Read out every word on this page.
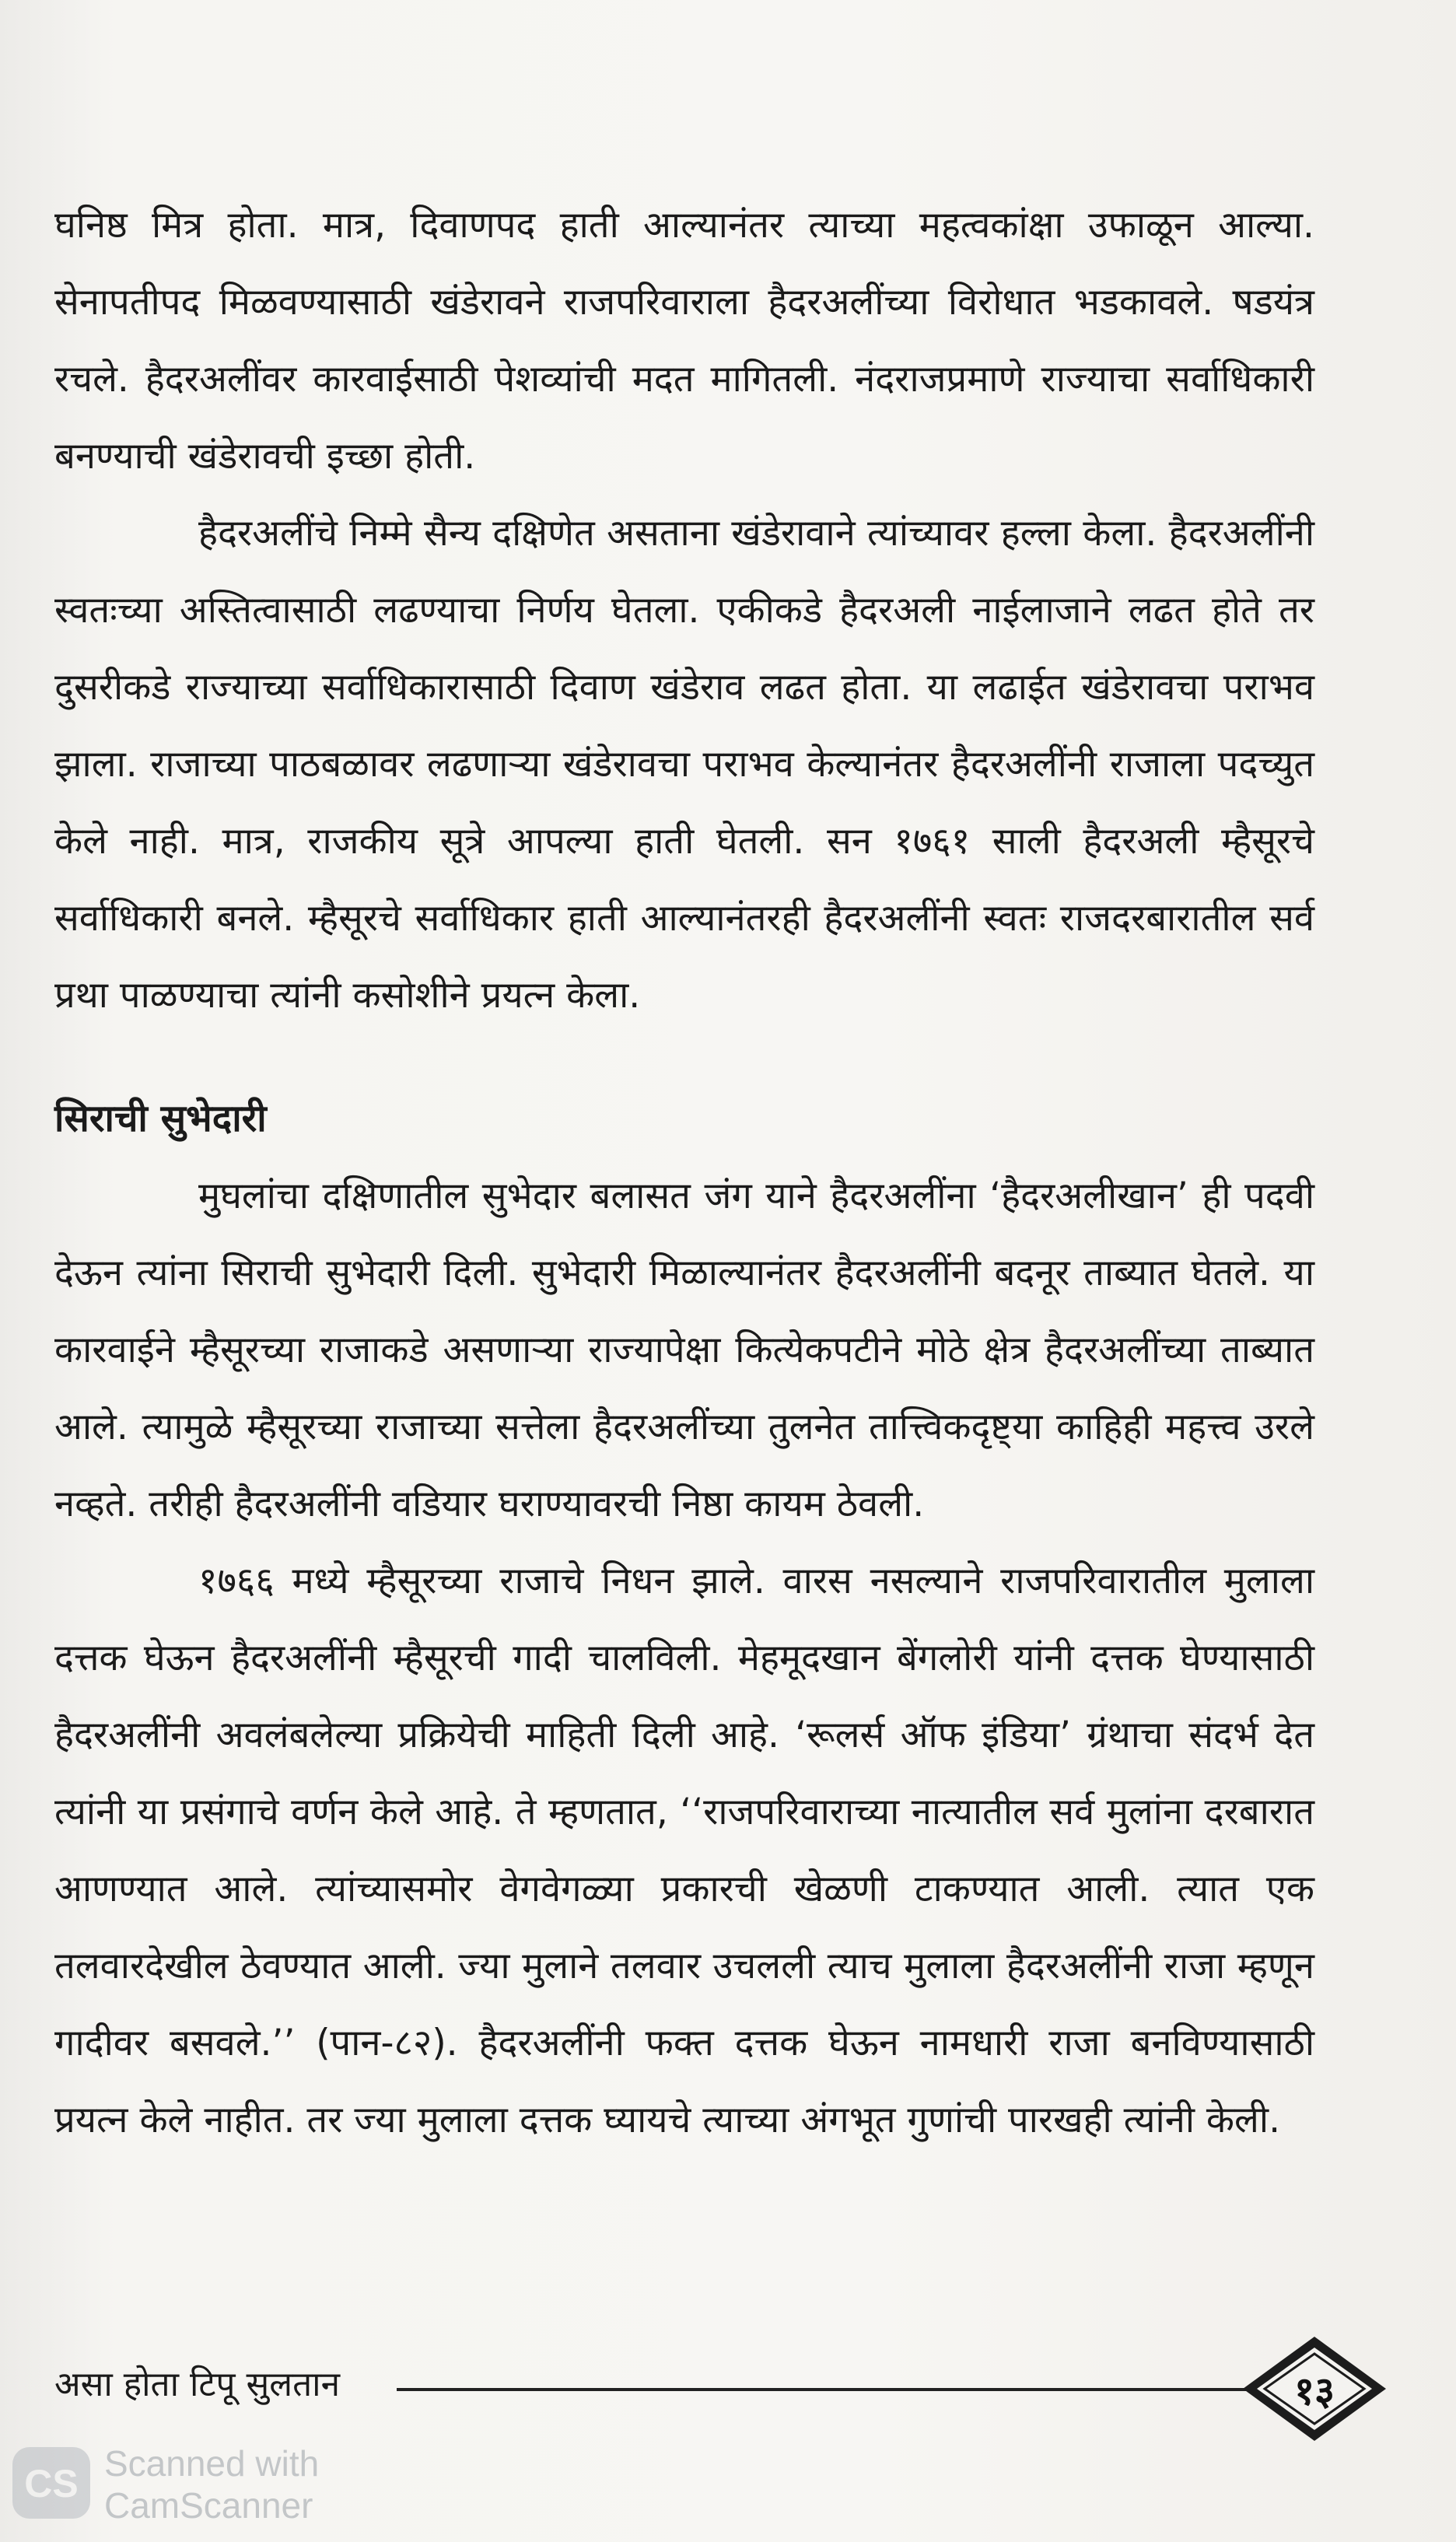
घनिष्ठ मित्र होता. मात्र, दिवाणपद हाती आल्यानंतर त्याच्या महत्वकांक्षा उफाळून आल्या. सेनापतीपद मिळवण्यासाठी खंडेरावने राजपरिवाराला हैदरअलींच्या विरोधात भडकावले. षडयंत्र रचले. हैदरअलींवर कारवाईसाठी पेशव्यांची मदत मागितली. नंदराजप्रमाणे राज्याचा सर्वाधिकारी बनण्याची खंडेरावची इच्छा होती.

हैदरअलींचे निम्मे सैन्य दक्षिणेत असताना खंडेरावाने त्यांच्यावर हल्ला केला. हैदरअलींनी स्वतःच्या अस्तित्वासाठी लढण्याचा निर्णय घेतला. एकीकडे हैदरअली नाईलाजाने लढत होते तर दुसरीकडे राज्याच्या सर्वाधिकारासाठी दिवाण खंडेराव लढत होता. या लढाईत खंडेरावचा पराभव झाला. राजाच्या पाठबळावर लढणाऱ्या खंडेरावचा पराभव केल्यानंतर हैदरअलींनी राजाला पदच्युत केले नाही. मात्र, राजकीय सूत्रे आपल्या हाती घेतली. सन १७६१ साली हैदरअली म्हैसूरचे सर्वाधिकारी बनले. म्हैसूरचे सर्वाधिकार हाती आल्यानंतरही हैदरअलींनी स्वतः राजदरबारातील सर्व प्रथा पाळण्याचा त्यांनी कसोशीने प्रयत्न केला.

सिराची सुभेदारी

मुघलांचा दक्षिणातील सुभेदार बलासत जंग याने हैदरअलींना ‘हैदरअलीखान’ ही पदवी देऊन त्यांना सिराची सुभेदारी दिली. सुभेदारी मिळाल्यानंतर हैदरअलींनी बदनूर ताब्यात घेतले. या कारवाईने म्हैसूरच्या राजाकडे असणाऱ्या राज्यापेक्षा कित्येकपटीने मोठे क्षेत्र हैदरअलींच्या ताब्यात आले. त्यामुळे म्हैसूरच्या राजाच्या सत्तेला हैदरअलींच्या तुलनेत तात्त्विकदृष्ट्या काहिही महत्त्व उरले नव्हते. तरीही हैदरअलींनी वडियार घराण्यावरची निष्ठा कायम ठेवली.

१७६६ मध्ये म्हैसूरच्या राजाचे निधन झाले. वारस नसल्याने राजपरिवारातील मुलाला दत्तक घेऊन हैदरअलींनी म्हैसूरची गादी चालविली. मेहमूदखान बेंगलोरी यांनी दत्तक घेण्यासाठी हैदरअलींनी अवलंबलेल्या प्रक्रियेची माहिती दिली आहे. ‘रूलर्स ऑफ इंडिया’ ग्रंथाचा संदर्भ देत त्यांनी या प्रसंगाचे वर्णन केले आहे. ते म्हणतात, ‘‘राजपरिवाराच्या नात्यातील सर्व मुलांना दरबारात आणण्यात आले. त्यांच्यासमोर वेगवेगळ्या प्रकारची खेळणी टाकण्यात आली. त्यात एक तलवारदेखील ठेवण्यात आली. ज्या मुलाने तलवार उचलली त्याच मुलाला हैदरअलींनी राजा म्हणून गादीवर बसवले.’’ (पान-८२). हैदरअलींनी फक्त दत्तक घेऊन नामधारी राजा बनविण्यासाठी प्रयत्न केले नाहीत. तर ज्या मुलाला दत्तक घ्यायचे त्याच्या अंगभूत गुणांची पारखही त्यांनी केली.

असा होता टिपू सुलतान	१३
CS Scanned with
CamScanner
